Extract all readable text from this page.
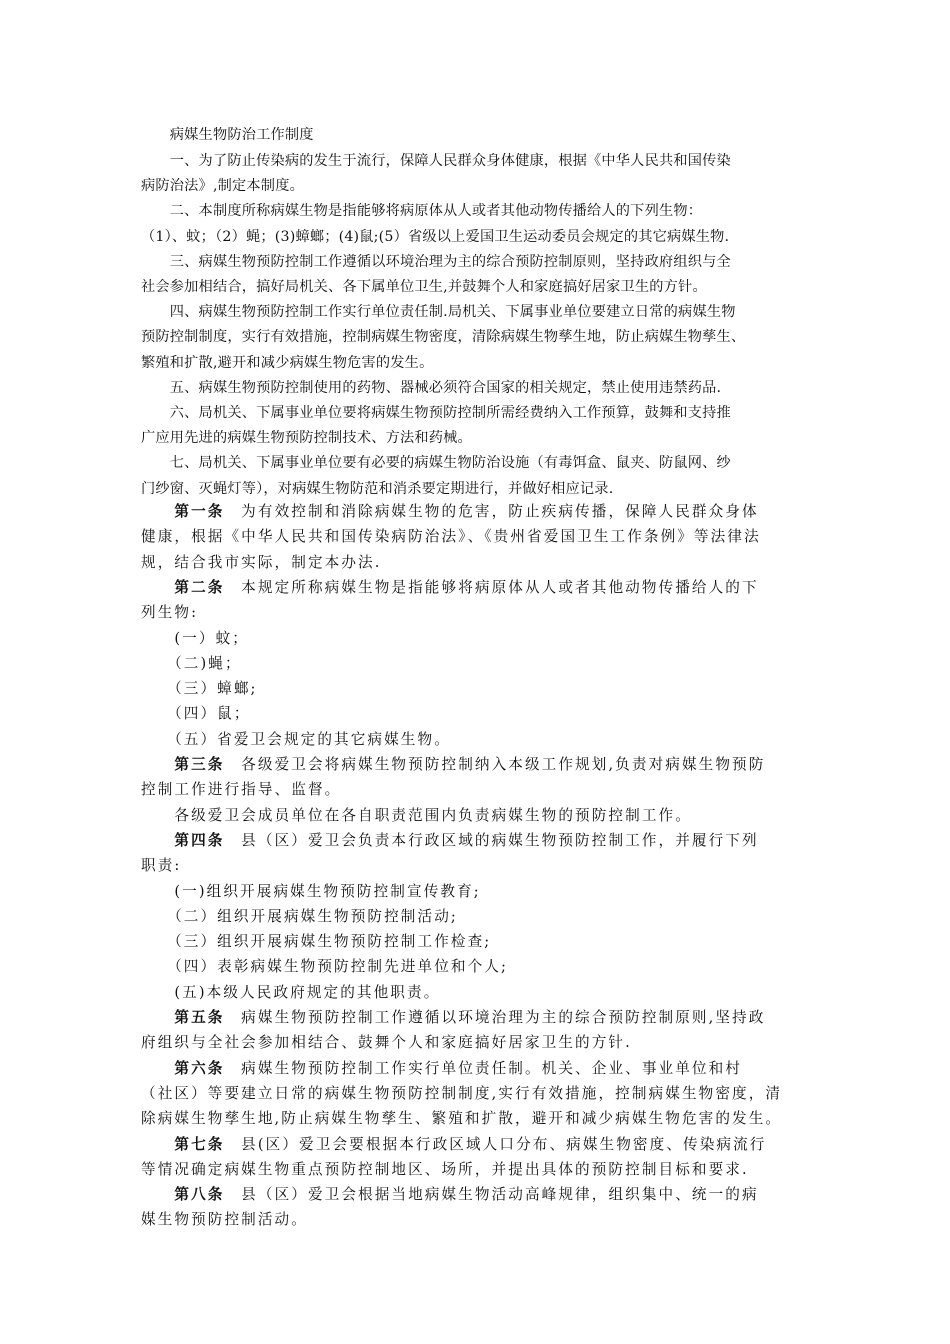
　　病媒生物防治工作制度
　　一、为了防止传染病的发生于流行，保障人民群众身体健康，根据《中华人民共和国传染
病防治法》,制定本制度。
　　二、本制度所称病媒生物是指能够将病原体从人或者其他动物传播给人的下列生物：
（1）、蚊；（2）蝇；(3)蟑螂；(4)鼠;(5）省级以上爱国卫生运动委员会规定的其它病媒生物.
　　三、病媒生物预防控制工作遵循以环境治理为主的综合预防控制原则，坚持政府组织与全
社会参加相结合，搞好局机关、各下属单位卫生,并鼓舞个人和家庭搞好居家卫生的方针。
　　四、病媒生物预防控制工作实行单位责任制.局机关、下属事业单位要建立日常的病媒生物
预防控制制度，实行有效措施，控制病媒生物密度，清除病媒生物孳生地，防止病媒生物孳生、
繁殖和扩散,避开和减少病媒生物危害的发生。
　　五、病媒生物预防控制使用的药物、器械必须符合国家的相关规定，禁止使用违禁药品.
　　六、局机关、下属事业单位要将病媒生物预防控制所需经费纳入工作预算，鼓舞和支持推
广应用先进的病媒生物预防控制技术、方法和药械。
　　七、局机关、下属事业单位要有必要的病媒生物防治设施（有毒饵盒、鼠夹、防鼠网、纱
门纱窗、灭蝇灯等），对病媒生物防范和消杀要定期进行，并做好相应记录.
　　第一条　为有效控制和消除病媒生物的危害，防止疾病传播，保障人民群众身体
健康，根据《中华人民共和国传染病防治法》、《贵州省爱国卫生工作条例》等法律法
规，结合我市实际，制定本办法.
　　第二条　本规定所称病媒生物是指能够将病原体从人或者其他动物传播给人的下
列生物:
　　(一）蚊；
　　（二)蝇；
　　（三）蟑螂;
　　（四）鼠；
　　（五）省爱卫会规定的其它病媒生物。
　　第三条　各级爱卫会将病媒生物预防控制纳入本级工作规划,负责对病媒生物预防
控制工作进行指导、监督。
　　各级爱卫会成员单位在各自职责范围内负责病媒生物的预防控制工作。
　　第四条　县（区）爱卫会负责本行政区域的病媒生物预防控制工作，并履行下列
职责:
　　(一)组织开展病媒生物预防控制宣传教育;
　　（二）组织开展病媒生物预防控制活动;
　　（三）组织开展病媒生物预防控制工作检查;
　　（四）表彰病媒生物预防控制先进单位和个人;
　　(五)本级人民政府规定的其他职责。
　　第五条　病媒生物预防控制工作遵循以环境治理为主的综合预防控制原则,坚持政
府组织与全社会参加相结合、鼓舞个人和家庭搞好居家卫生的方针.
　　第六条　病媒生物预防控制工作实行单位责任制。机关、企业、事业单位和村
（社区）等要建立日常的病媒生物预防控制制度,实行有效措施，控制病媒生物密度，清
除病媒生物孳生地,防止病媒生物孳生、繁殖和扩散，避开和减少病媒生物危害的发生。
　　第七条　县(区）爱卫会要根据本行政区域人口分布、病媒生物密度、传染病流行
等情况确定病媒生物重点预防控制地区、场所，并提出具体的预防控制目标和要求.
　　第八条　县（区）爱卫会根据当地病媒生物活动高峰规律，组织集中、统一的病
媒生物预防控制活动。
